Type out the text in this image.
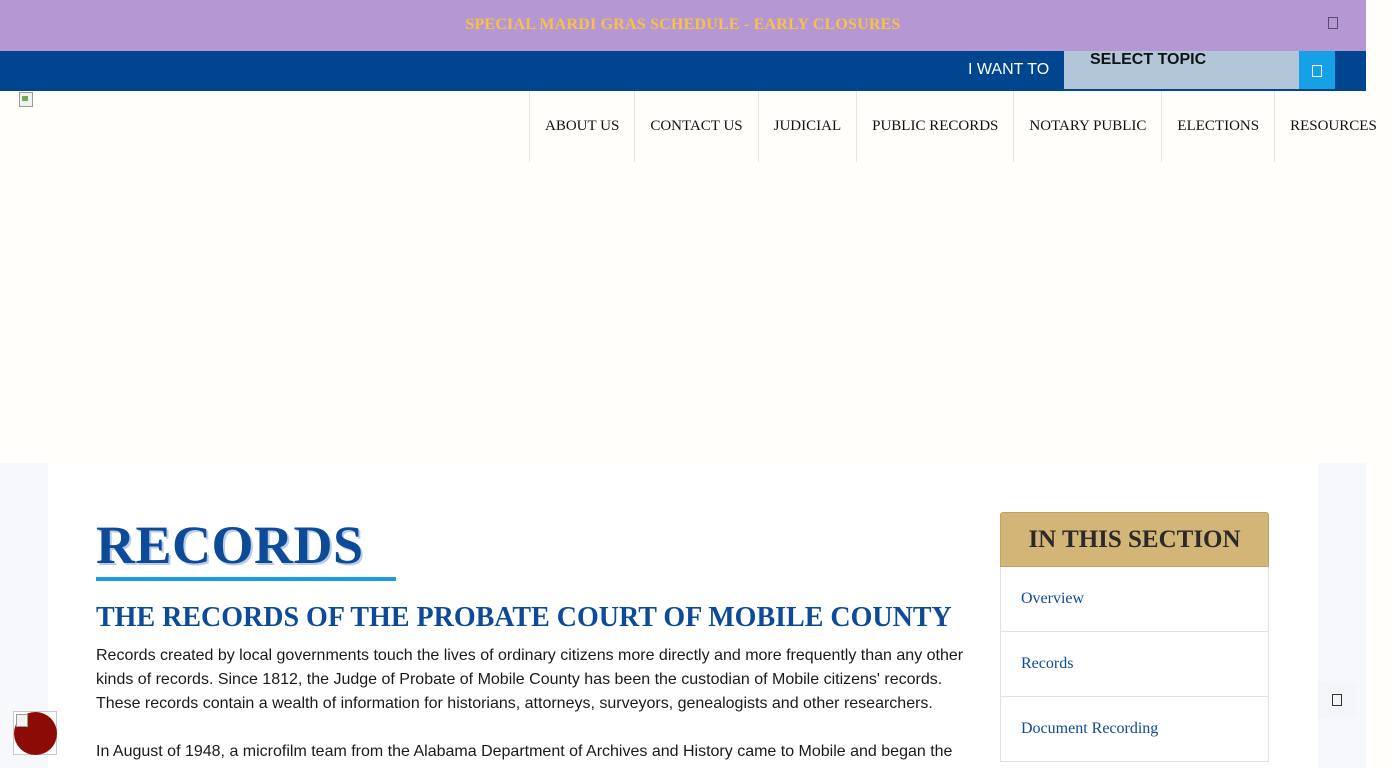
SPECIAL MARDI GRAS SCHEDULE - EARLY CLOSURES
I WANT TO
SELECT TOPIC
ABOUT US	CONTACT US	JUDICIAL	PUBLIC RECORDS	NOTARY PUBLIC	ELECTIONS	RESOURCES
RECORDS
THE RECORDS OF THE PROBATE COURT OF MOBILE COUNTY

Records created by local governments touch the lives of ordinary citizens more directly and more frequently than any other kinds of records. Since 1812, the Judge of Probate of Mobile County has been the custodian of Mobile citizens' records. These records contain a wealth of information for historians, attorneys, surveyors, genealogists and other researchers.

In August of 1948, a microfilm team from the Alabama Department of Archives and History came to Mobile and began the

IN THIS SECTION
Overview
Records
Document Recording
